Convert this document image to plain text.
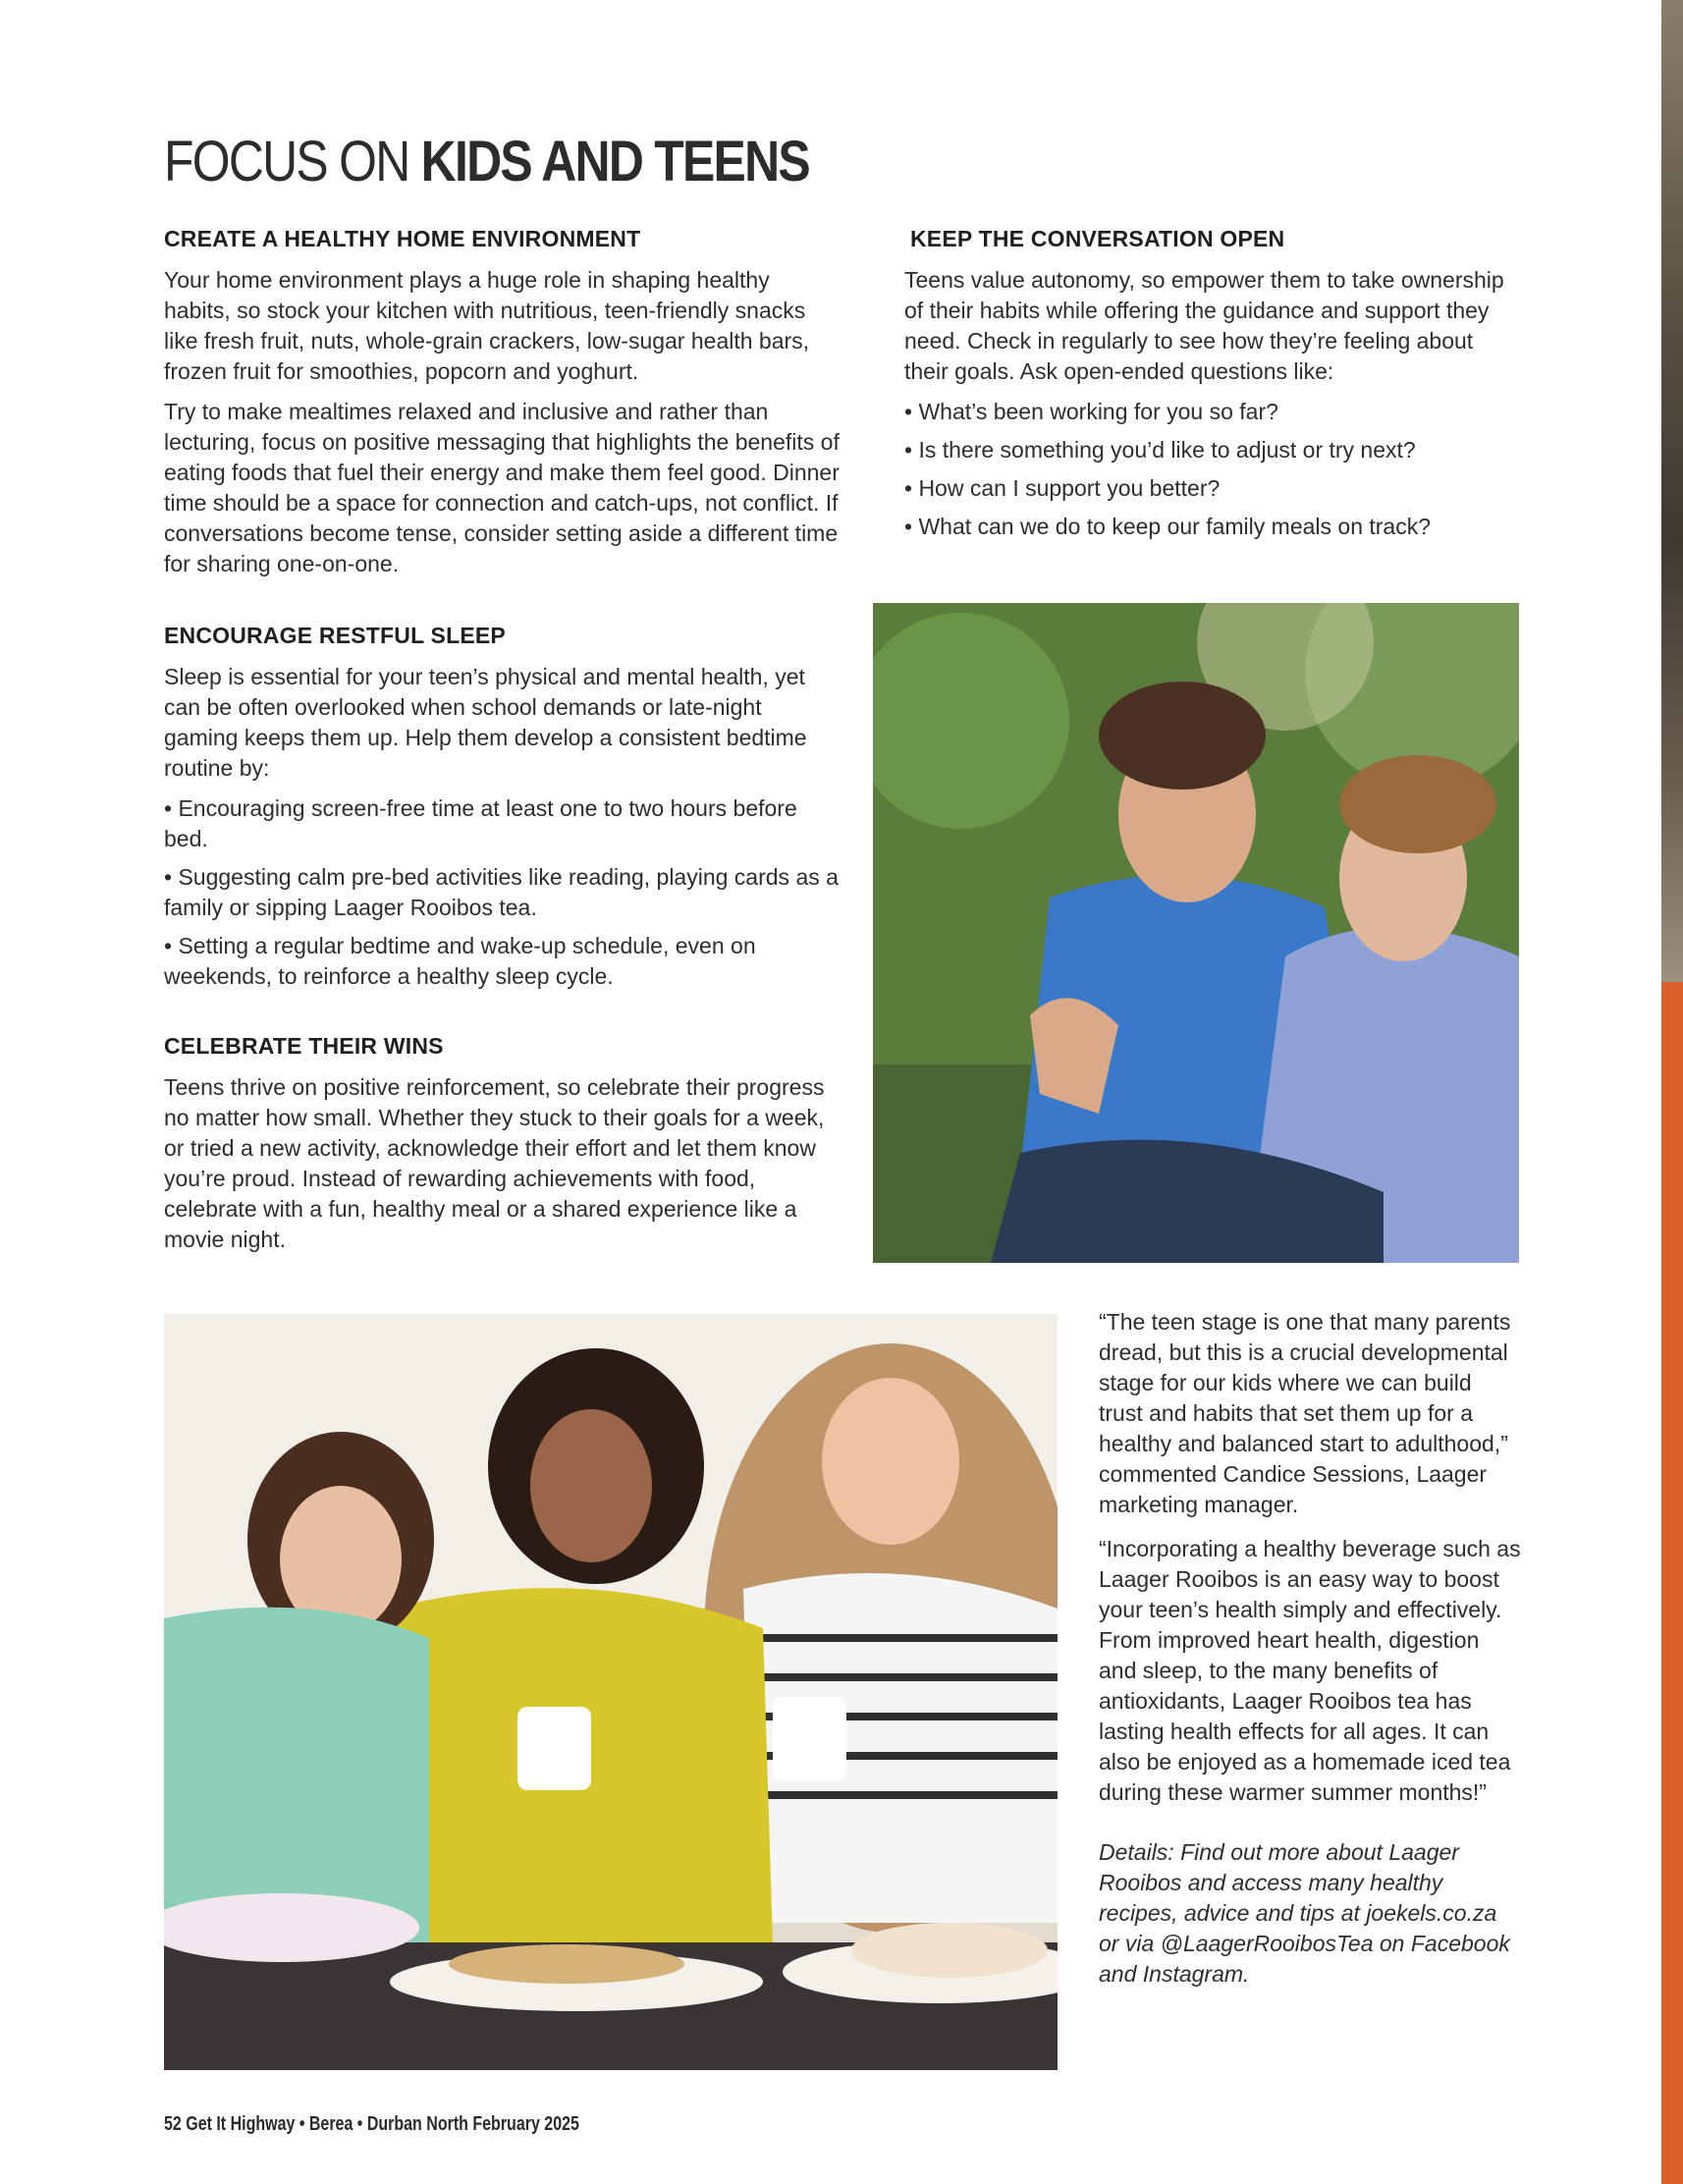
FOCUS ON KIDS AND TEENS
CREATE A HEALTHY HOME ENVIRONMENT

Your home environment plays a huge role in shaping healthy habits, so stock your kitchen with nutritious, teen-friendly snacks like fresh fruit, nuts, whole-grain crackers, low-sugar health bars, frozen fruit for smoothies, popcorn and yoghurt.

Try to make mealtimes relaxed and inclusive and rather than lecturing, focus on positive messaging that highlights the benefits of eating foods that fuel their energy and make them feel good. Dinner time should be a space for connection and catch-ups, not conflict. If conversations become tense, consider setting aside a different time for sharing one-on-one.

ENCOURAGE RESTFUL SLEEP

Sleep is essential for your teen’s physical and mental health, yet can be often overlooked when school demands or late-night gaming keeps them up. Help them develop a consistent bedtime routine by:

• Encouraging screen-free time at least one to two hours before bed.

• Suggesting calm pre-bed activities like reading, playing cards as a family or sipping Laager Rooibos tea.

• Setting a regular bedtime and wake-up schedule, even on weekends, to reinforce a healthy sleep cycle.

CELEBRATE THEIR WINS

Teens thrive on positive reinforcement, so celebrate their progress no matter how small. Whether they stuck to their goals for a week, or tried a new activity, acknowledge their effort and let them know you’re proud. Instead of rewarding achievements with food, celebrate with a fun, healthy meal or a shared experience like a movie night.

KEEP THE CONVERSATION OPEN

Teens value autonomy, so empower them to take ownership of their habits while offering the guidance and support they need. Check in regularly to see how they’re feeling about their goals. Ask open-ended questions like:

• What’s been working for you so far?

• Is there something you’d like to adjust or try next?

• How can I support you better?

• What can we do to keep our family meals on track?

“The teen stage is one that many parents dread, but this is a crucial developmental stage for our kids where we can build trust and habits that set them up for a healthy and balanced start to adulthood,” commented Candice Sessions, Laager marketing manager.

“Incorporating a healthy beverage such as Laager Rooibos is an easy way to boost your teen’s health simply and effectively. From improved heart health, digestion and sleep, to the many benefits of antioxidants, Laager Rooibos tea has lasting health effects for all ages. It can also be enjoyed as a homemade iced tea during these warmer summer months!”

Details: Find out more about Laager Rooibos and access many healthy recipes, advice and tips at joekels.co.za or via @LaagerRooibosTea on Facebook and Instagram.

52 Get It Highway • Berea • Durban North February 2025
